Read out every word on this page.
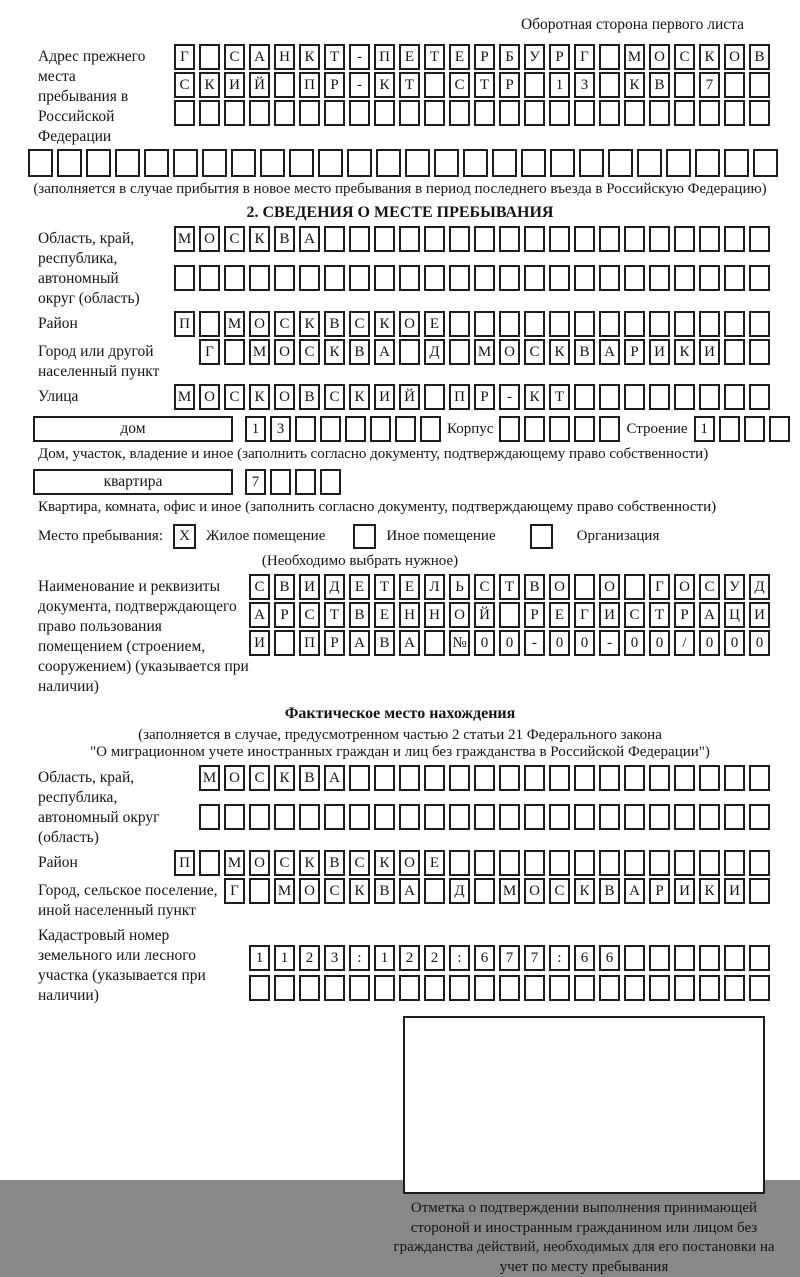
Оборотная сторона первого листа
Адрес прежнего места пребывания в Российской Федерации
Г	С А Н К	Т	-	П Е	Т	Е	Р	Б	У	Р	Г	М О С К О В
С К И Й	П	Р	-	К	Т	С	Т	Р	1	3	К В	7
(заполняется в случае прибытия в новое место пребывания в период последнего въезда в Российскую Федерацию)
2. СВЕДЕНИЯ О МЕСТЕ ПРЕБЫВАНИЯ
Область, край, республика, автономный округ (область)
М О С К В А
Район	П	М О С К В С К О Е
Город или другой населенный пункт
Г	М О С К В А	Д	М О С К В А	Р	И К И
Улица	М О С К О В С К И Й	П	Р	-	К	Т
дом	1	3	Корпус	Строение 1
Дом, участок, владение и иное (заполнить согласно документу, подтверждающему право собственности)
квартира	7
Квартира, комната, офис и иное (заполнить согласно документу, подтверждающему право собственности)
Место пребывания:	X	Жилое помещение	Иное помещение	Организация
(Необходимо выбрать нужное)
Наименование и реквизиты документа, подтверждающего право пользования помещением (строением, сооружением) (указывается при наличии)
С В И Д	Е	Т	Е	Л	Ь	С	Т	В О	О	Г	О С У Д
А	Р	С	Т	В	Е	Н Н О Й	Р	Е	Г	И С	Т	Р	А Ц И
И	П	Р	А В А	№ 0	0	-	0	0	-	0	0	/	0	0	0
Фактическое место нахождения
(заполняется в случае, предусмотренном частью 2 статьи 21 Федерального закона
"О миграционном учете иностранных граждан и лиц без гражданства в Российской Федерации")
Область, край, республика, автономный округ (область)
М О С К В А
Район	П	М О С К В С К О Е
Город, сельское поселение, иной населенный пункт
Г	М О С К В А	Д	М О С К В А	Р	И К И
Кадастровый номер земельного или лесного участка (указывается при наличии)
1	1	2	3	:	1	2	2	:	6	7	7	:	6	6
Отметка о подтверждении выполнения принимающей стороной и иностранным гражданином или лицом без гражданства действий, необходимых для его постановки на учет по месту пребывания
